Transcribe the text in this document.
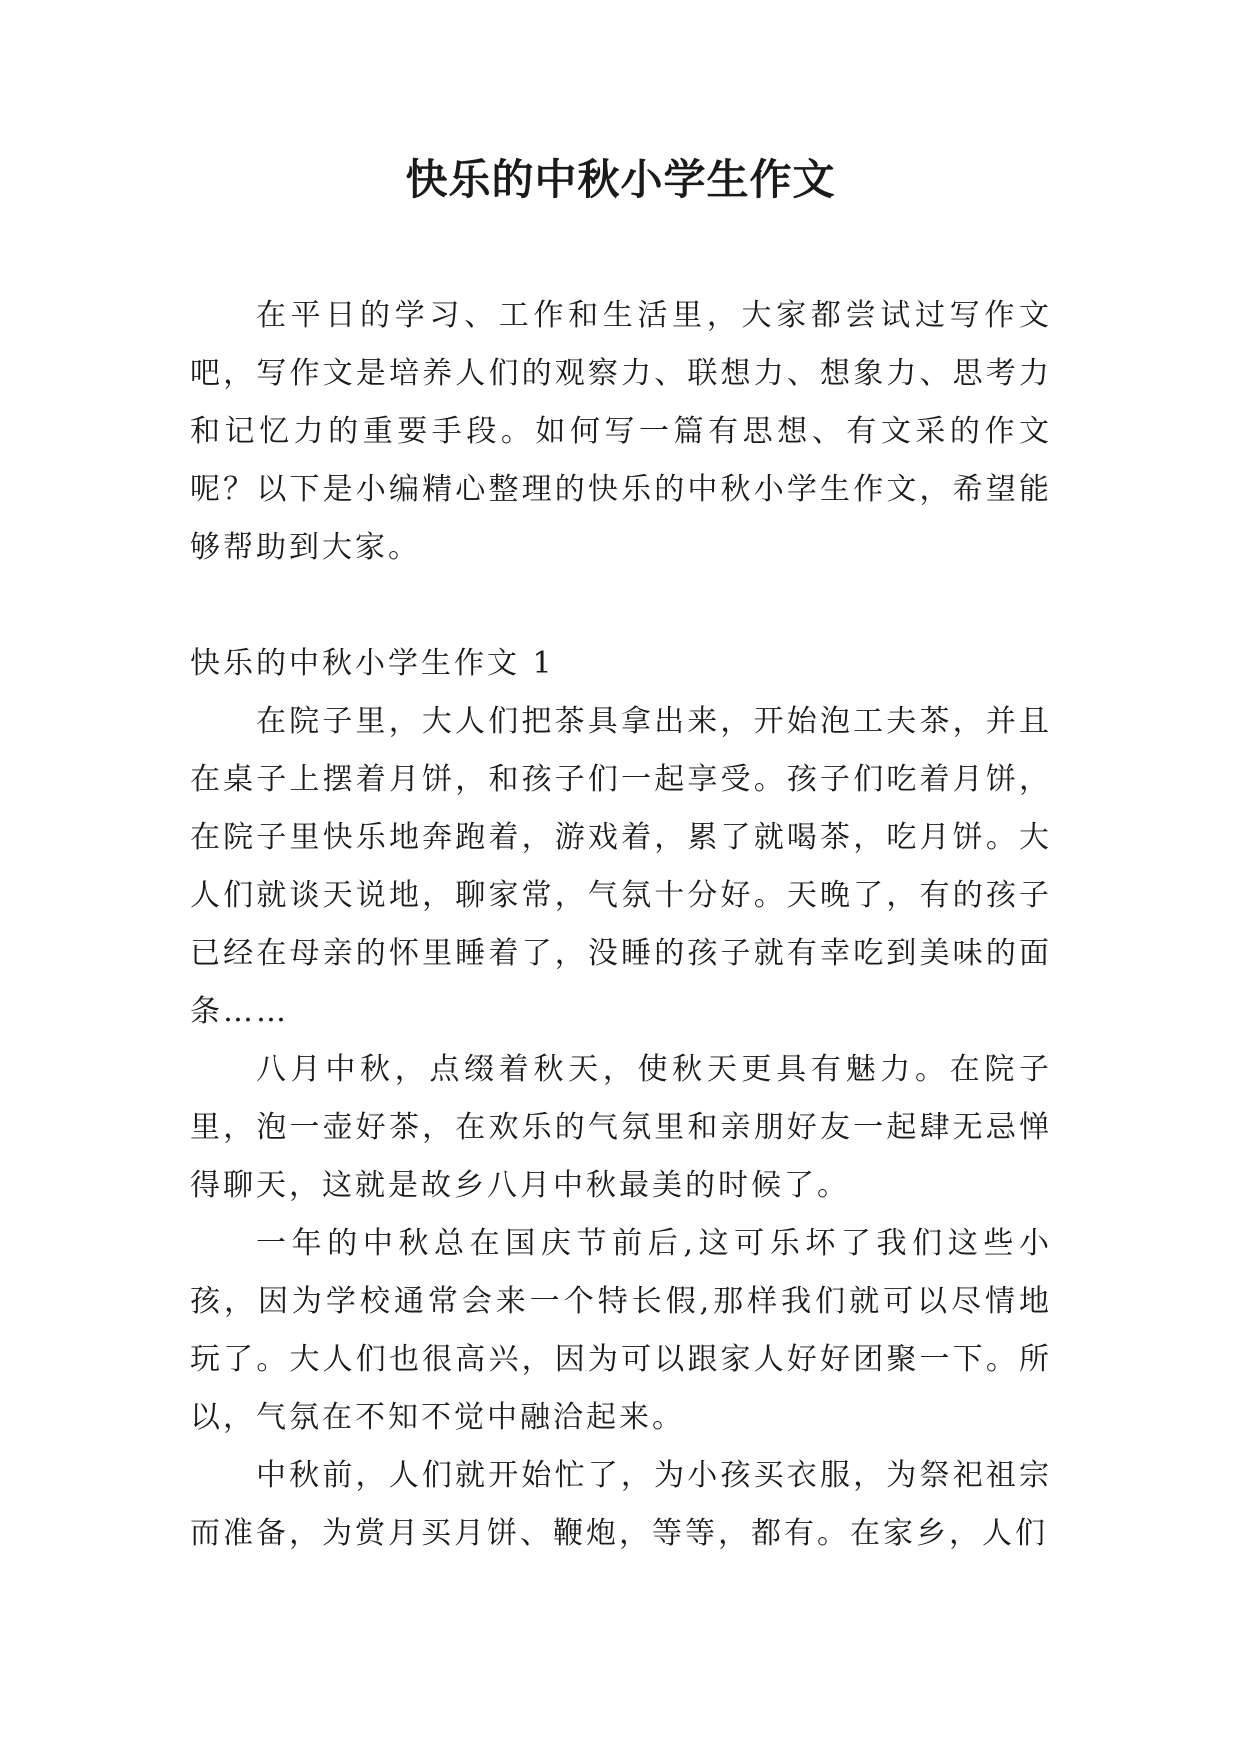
快乐的中秋小学生作文

在平日的学习、工作和生活里，大家都尝试过写作文吧，写作文是培养人们的观察力、联想力、想象力、思考力和记忆力的重要手段。如何写一篇有思想、有文采的作文呢？以下是小编精心整理的快乐的中秋小学生作文，希望能够帮助到大家。

快乐的中秋小学生作文 1

在院子里，大人们把茶具拿出来，开始泡工夫茶，并且在桌子上摆着月饼，和孩子们一起享受。孩子们吃着月饼，在院子里快乐地奔跑着，游戏着，累了就喝茶，吃月饼。大人们就谈天说地，聊家常，气氛十分好。天晚了，有的孩子已经在母亲的怀里睡着了，没睡的孩子就有幸吃到美味的面条……

八月中秋，点缀着秋天，使秋天更具有魅力。在院子里，泡一壶好茶，在欢乐的气氛里和亲朋好友一起肆无忌惮得聊天，这就是故乡八月中秋最美的时候了。

一年的中秋总在国庆节前后,这可乐坏了我们这些小孩，因为学校通常会来一个特长假,那样我们就可以尽情地玩了。大人们也很高兴，因为可以跟家人好好团聚一下。所以，气氛在不知不觉中融洽起来。

中秋前，人们就开始忙了，为小孩买衣服，为祭祀祖宗而准备，为赏月买月饼、鞭炮，等等，都有。在家乡，人们
